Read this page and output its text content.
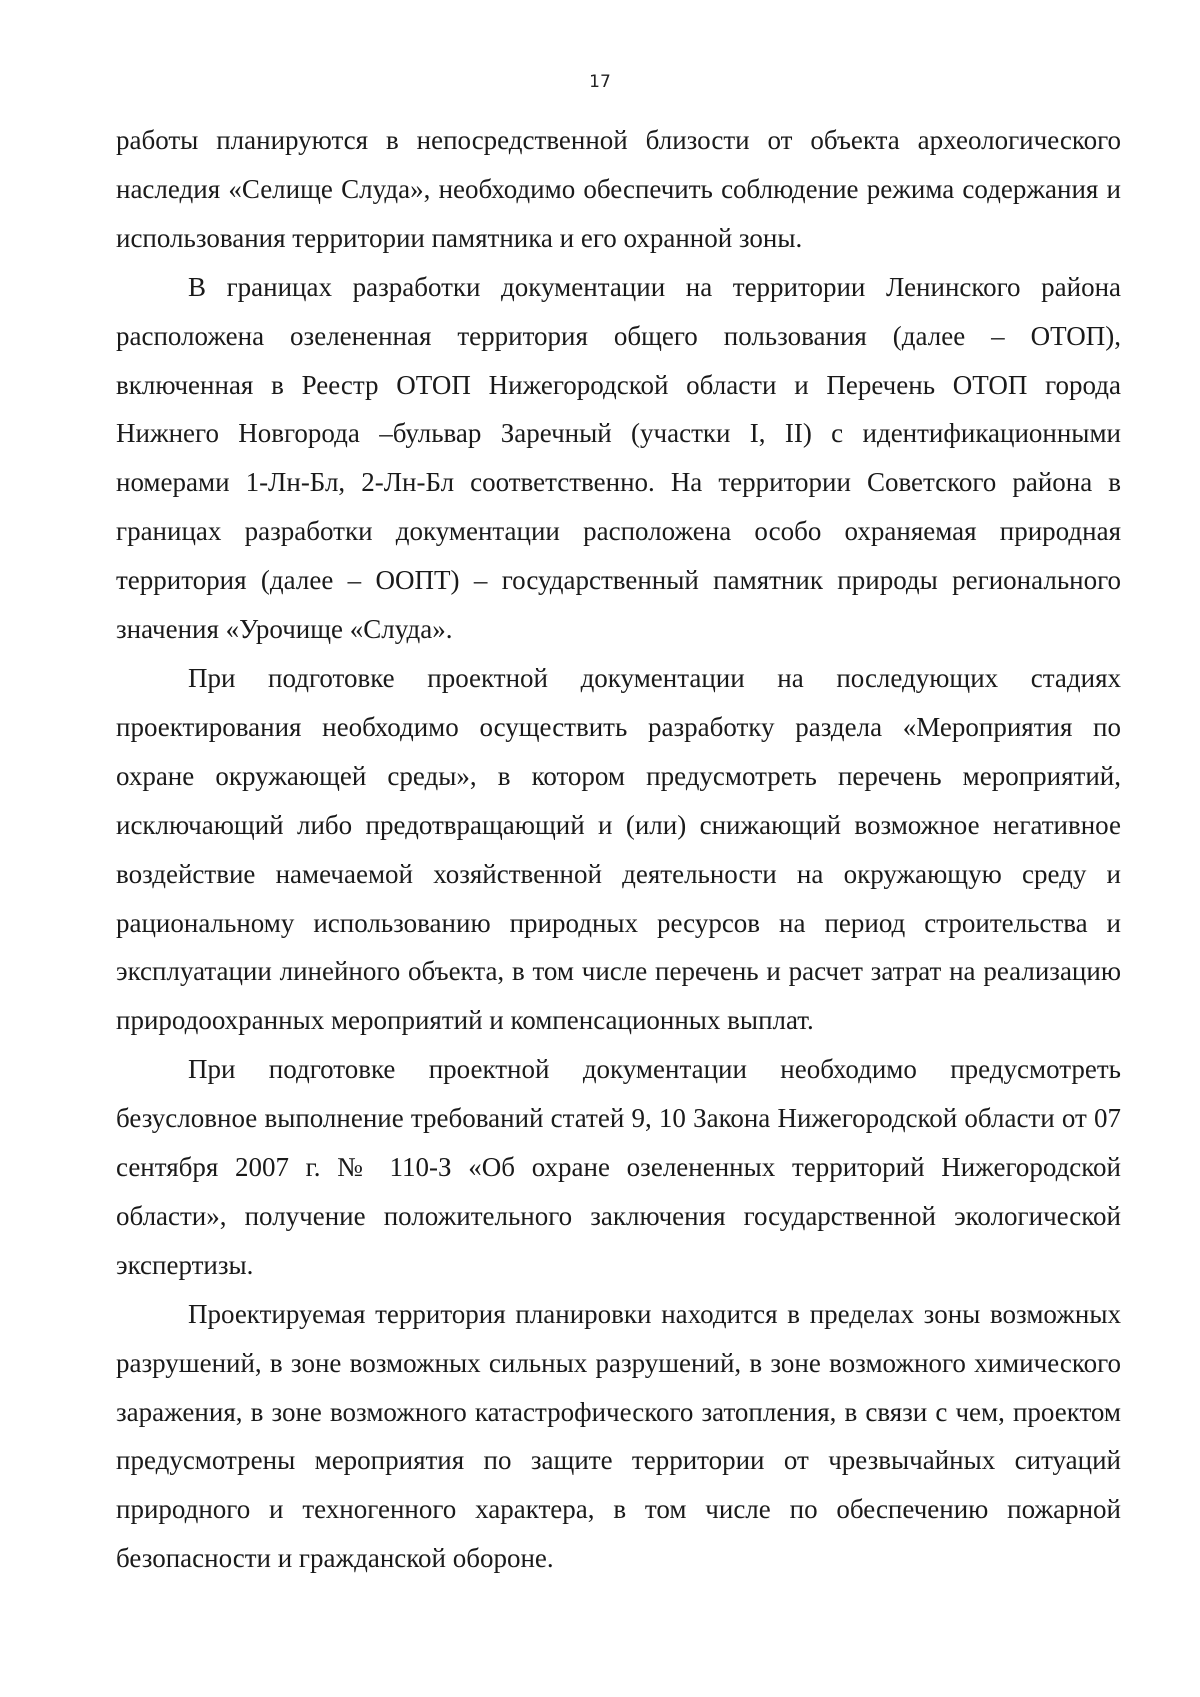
17

работы планируются в непосредственной близости от объекта археологического наследия «Селище Слуда», необходимо обеспечить соблюдение режима содержания и использования территории памятника и его охранной зоны.

В границах разработки документации на территории Ленинского района расположена озелененная территория общего пользования (далее – ОТОП), включенная в Реестр ОТОП Нижегородской области и Перечень ОТОП города Нижнего Новгорода –бульвар Заречный (участки I, II) с идентификационными номерами 1-Лн-Бл, 2-Лн-Бл соответственно. На территории Советского района в границах разработки документации расположена особо охраняемая природная территория (далее – ООПТ) – государственный памятник природы регионального значения «Урочище «Слуда».

При подготовке проектной документации на последующих стадиях проектирования необходимо осуществить разработку раздела «Мероприятия по охране окружающей среды», в котором предусмотреть перечень мероприятий, исключающий либо предотвращающий и (или) снижающий возможное негативное воздействие намечаемой хозяйственной деятельности на окружающую среду и рациональному использованию природных ресурсов на период строительства и эксплуатации линейного объекта, в том числе перечень и расчет затрат на реализацию природоохранных мероприятий и компенсационных выплат.

При подготовке проектной документации необходимо предусмотреть безусловное выполнение требований статей 9, 10 Закона Нижегородской области от 07 сентября 2007 г. № 110-З «Об охране озелененных территорий Нижегородской области», получение положительного заключения государственной экологической экспертизы.

Проектируемая территория планировки находится в пределах зоны возможных разрушений, в зоне возможных сильных разрушений, в зоне возможного химического заражения, в зоне возможного катастрофического затопления, в связи с чем, проектом предусмотрены мероприятия по защите территории от чрезвычайных ситуаций природного и техногенного характера, в том числе по обеспечению пожарной безопасности и гражданской обороне.
